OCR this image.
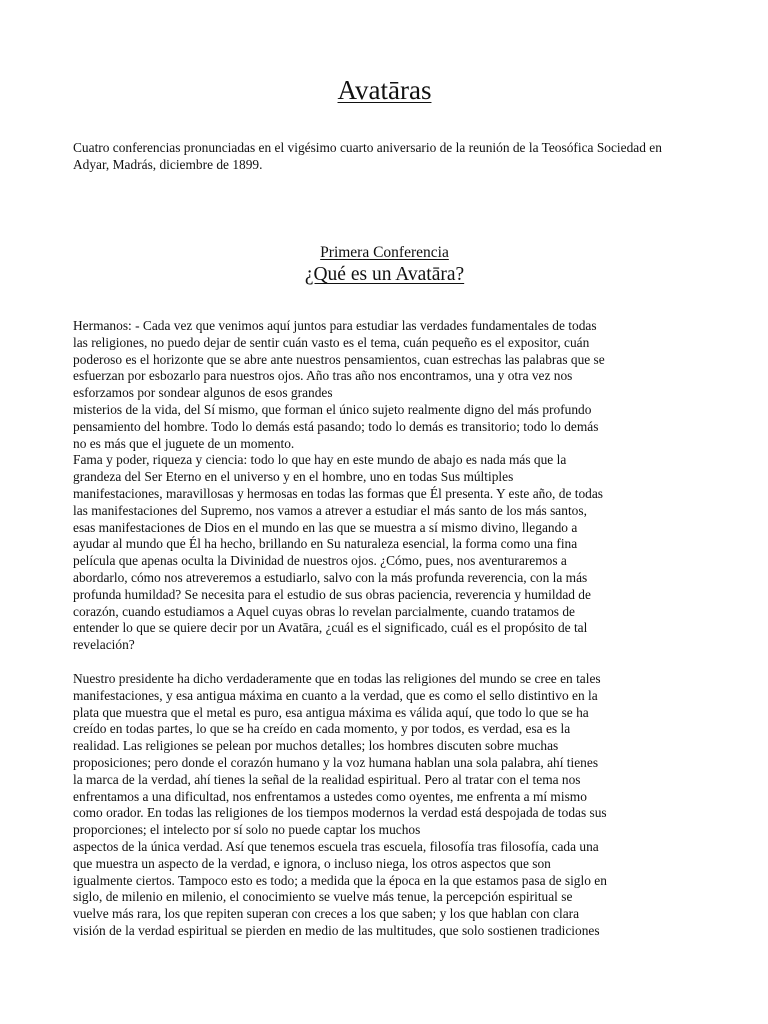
Avatāras

Cuatro conferencias pronunciadas en el vigésimo cuarto aniversario de la reunión de la Teosófica Sociedad en Adyar, Madrás, diciembre de 1899.

Primera Conferencia
¿Qué es un Avatāra?

Hermanos: - Cada vez que venimos aquí juntos para estudiar las verdades fundamentales de todas
las religiones, no puedo dejar de sentir cuán vasto es el tema, cuán pequeño es el expositor, cuán
poderoso es el horizonte que se abre ante nuestros pensamientos, cuan estrechas las palabras que se
esfuerzan por esbozarlo para nuestros ojos. Año tras año nos encontramos, una y otra vez nos
esforzamos por sondear algunos de esos grandes
misterios de la vida, del Sí mismo, que forman el único sujeto realmente digno del más profundo
pensamiento del hombre. Todo lo demás está pasando; todo lo demás es transitorio; todo lo demás
no es más que el juguete de un momento.
Fama y poder, riqueza y ciencia: todo lo que hay en este mundo de abajo es nada más que la
grandeza del Ser Eterno en el universo y en el hombre, uno en todas Sus múltiples
manifestaciones, maravillosas y hermosas en todas las formas que Él presenta. Y este año, de todas
las manifestaciones del Supremo, nos vamos a atrever a estudiar el más santo de los más santos,
esas manifestaciones de Dios en el mundo en las que se muestra a sí mismo divino, llegando a
ayudar al mundo que Él ha hecho, brillando en Su naturaleza esencial, la forma como una fina
película que apenas oculta la Divinidad de nuestros ojos. ¿Cómo, pues, nos aventuraremos a
abordarlo, cómo nos atreveremos a estudiarlo, salvo con la más profunda reverencia, con la más
profunda humildad? Se necesita para el estudio de sus obras paciencia, reverencia y humildad de
corazón, cuando estudiamos a Aquel cuyas obras lo revelan parcialmente, cuando tratamos de
entender lo que se quiere decir por un Avatāra, ¿cuál es el significado, cuál es el propósito de tal
revelación?

Nuestro presidente ha dicho verdaderamente que en todas las religiones del mundo se cree en tales
manifestaciones, y esa antigua máxima en cuanto a la verdad, que es como el sello distintivo en la
plata que muestra que el metal es puro, esa antigua máxima es válida aquí, que todo lo que se ha
creído en todas partes, lo que se ha creído en cada momento, y por todos, es verdad, esa es la
realidad. Las religiones se pelean por muchos detalles; los hombres discuten sobre muchas
proposiciones; pero donde el corazón humano y la voz humana hablan una sola palabra, ahí tienes
la marca de la verdad, ahí tienes la señal de la realidad espiritual. Pero al tratar con el tema nos
enfrentamos a una dificultad, nos enfrentamos a ustedes como oyentes, me enfrenta a mí mismo
como orador. En todas las religiones de los tiempos modernos la verdad está despojada de todas sus
proporciones; el intelecto por sí solo no puede captar los muchos
aspectos de la única verdad. Así que tenemos escuela tras escuela, filosofía tras filosofía, cada una
que muestra un aspecto de la verdad, e ignora, o incluso niega, los otros aspectos que son
igualmente ciertos. Tampoco esto es todo; a medida que la época en la que estamos pasa de siglo en
siglo, de milenio en milenio, el conocimiento se vuelve más tenue, la percepción espiritual se
vuelve más rara, los que repiten superan con creces a los que saben; y los que hablan con clara
visión de la verdad espiritual se pierden en medio de las multitudes, que solo sostienen tradiciones
